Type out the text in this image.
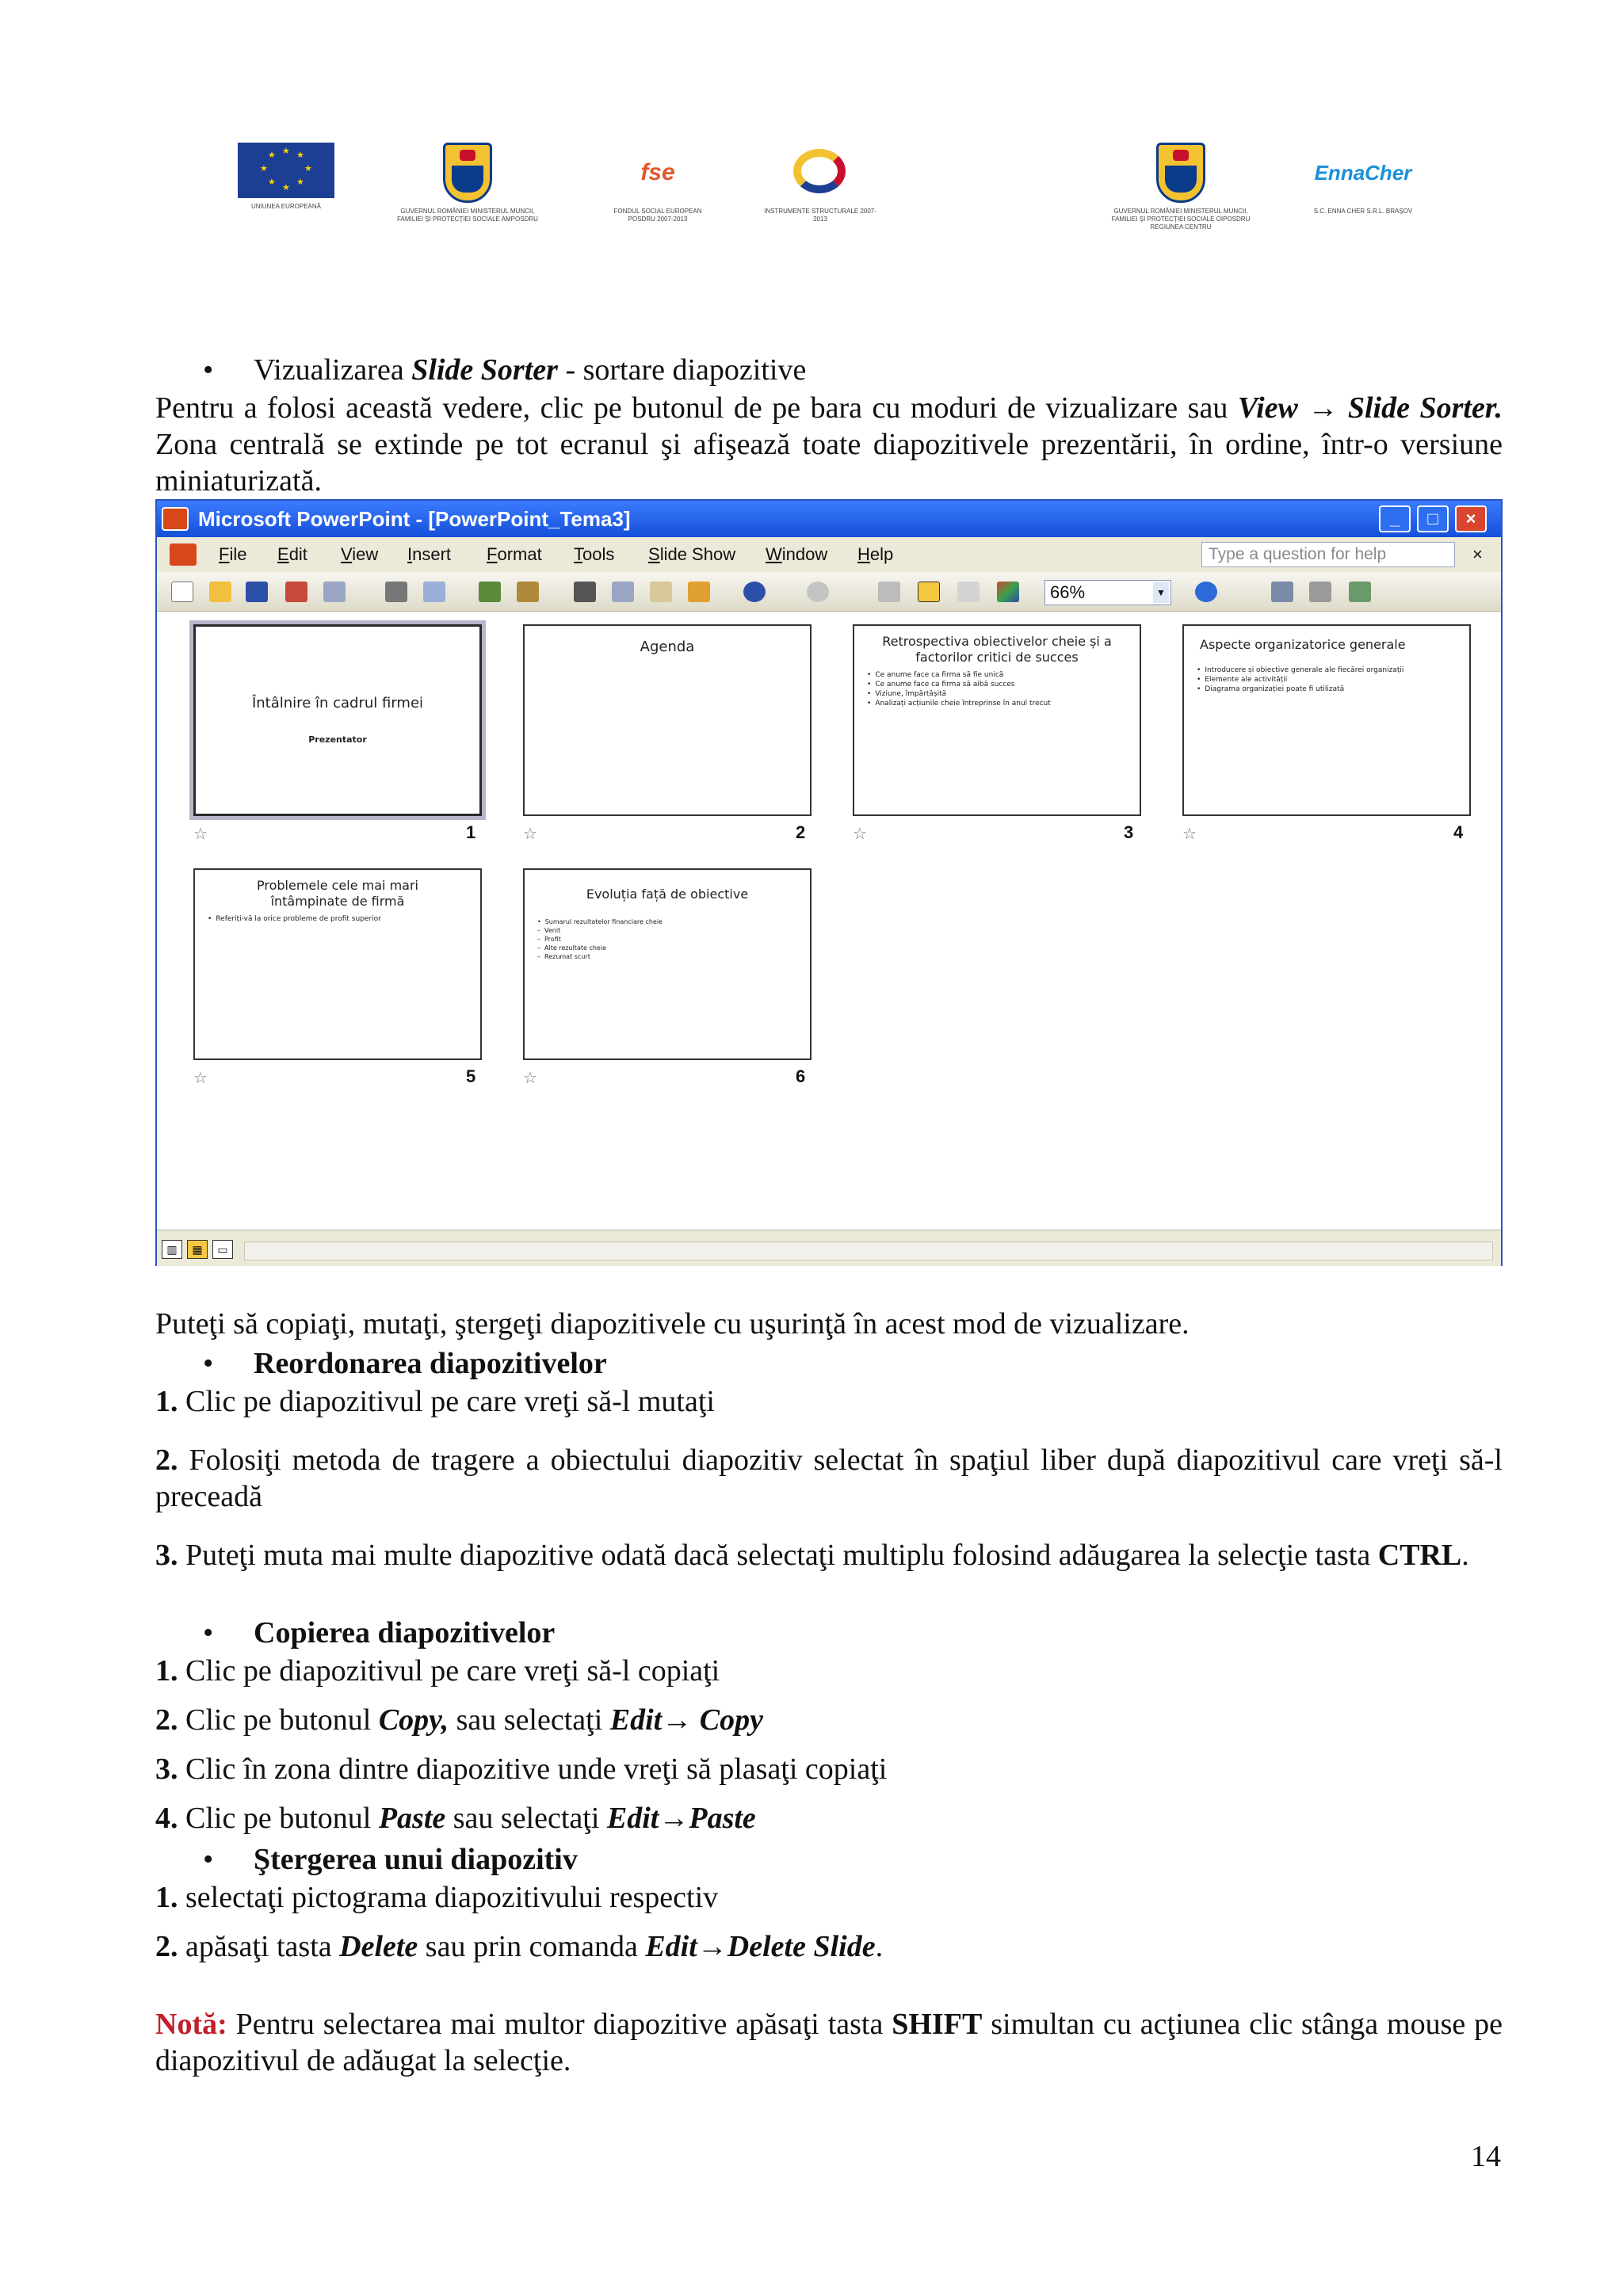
★ ★
★
★
★
★
★
★
UNIUNEA EUROPEANĂ
GUVERNUL ROMÂNIEI MINISTERUL MUNCII, FAMILIEI ŞI PROTECŢIEI SOCIALE AMPOSDRU
fse
FONDUL SOCIAL EUROPEAN POSDRU 2007-2013
INSTRUMENTE STRUCTURALE 2007-2013
GUVERNUL ROMÂNIEI MINISTERUL MUNCII, FAMILIEI ŞI PROTECŢIEI SOCIALE OIPOSDRU REGIUNEA CENTRU
EnnaCher
S.C. ENNA CHER S.R.L. BRAŞOV
• Vizualizarea Slide Sorter - sortare diapozitive
Pentru a folosi această vedere, clic pe butonul de pe bara cu moduri de vizualizare sau View → Slide Sorter. Zona centrală se extinde pe tot ecranul şi afişează toate diapozitivele prezentării, în ordine, într-o versiune miniaturizată.
Microsoft PowerPoint - [PowerPoint_Tema3]	_	□	×
File Edit View Insert Format Tools Slide Show Window Help	Type a question for help	×
66%	▼
Întâlnire în cadrul firmei
Prezentator
☆	1
Agenda
☆	2
Retrospectiva obiectivelor cheie și a factorilor critici de succes
• Ce anume face ca firma să fie unică
• Ce anume face ca firma să aibă succes
• Viziune, împărtășită
• Analizați acțiunile cheie întreprinse în anul trecut
☆	3
Aspecte organizatorice generale
• Introducere și obiective generale ale fiecărei organizații
• Elemente ale activității
• Diagrama organizației poate fi utilizată
☆	4
Problemele cele mai mari întâmpinate de firmă
• Referiți-vă la orice probleme de profit superior
☆	5
Evoluția față de obiective
• Sumarul rezultatelor financiare cheie
– Venit
– Profit
– Alte rezultate cheie
– Rezumat scurt
☆	6
▥	▦	▭
Puteţi să copiaţi, mutaţi, ştergeţi diapozitivele cu uşurinţă în acest mod de vizualizare.
• Reordonarea diapozitivelor
1. Clic pe diapozitivul pe care vreţi să-l mutaţi
2. Folosiţi metoda de tragere a obiectului diapozitiv selectat în spaţiul liber după diapozitivul care vreţi să-l preceadă
3. Puteţi muta mai multe diapozitive odată dacă selectaţi multiplu folosind adăugarea la selecţie tasta CTRL.
• Copierea diapozitivelor
1. Clic pe diapozitivul pe care vreţi să-l copiaţi
2. Clic pe butonul Copy, sau selectaţi Edit→ Copy
3. Clic în zona dintre diapozitive unde vreţi să plasaţi copiaţi
4. Clic pe butonul Paste sau selectaţi Edit→Paste
• Ştergerea unui diapozitiv
1. selectaţi pictograma diapozitivului respectiv
2. apăsaţi tasta Delete sau prin comanda Edit→Delete Slide.
Notă: Pentru selectarea mai multor diapozitive apăsaţi tasta SHIFT simultan cu acţiunea clic stânga mouse pe diapozitivul de adăugat la selecţie.
14
